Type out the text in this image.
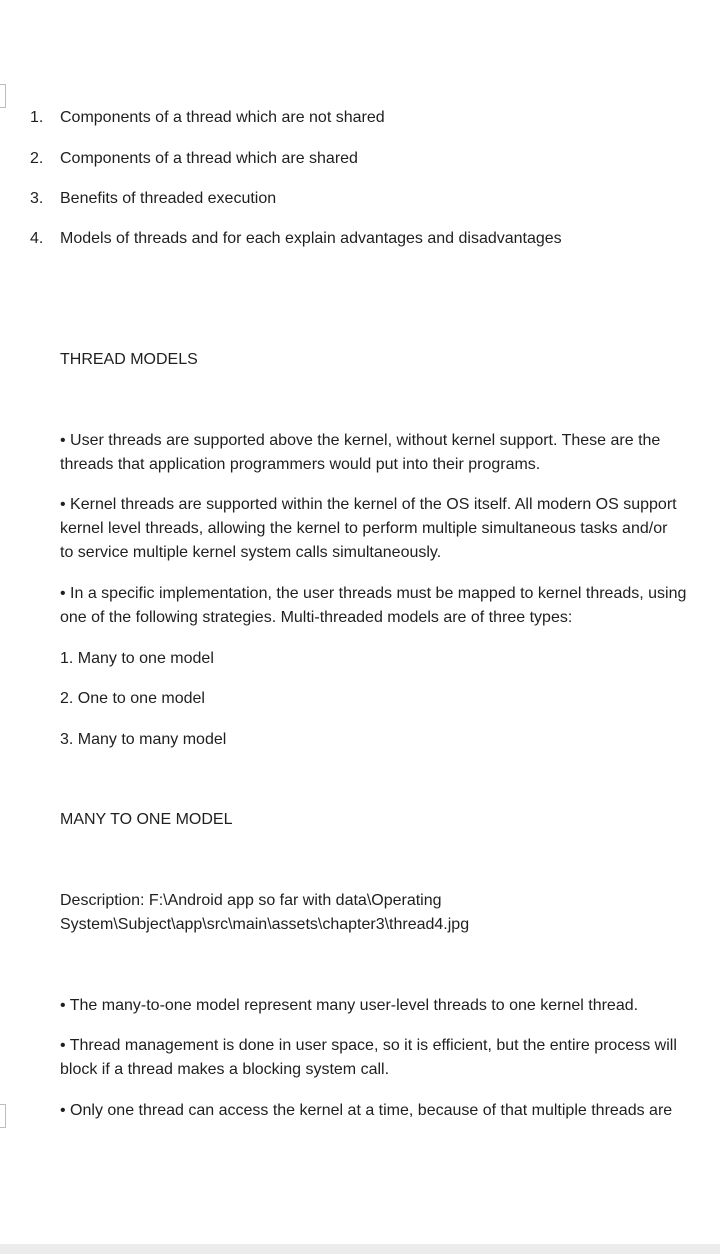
1.	Components of a thread which are not shared
2.	Components of a thread which are shared
3.	Benefits of threaded execution
4.	Models of threads and for each explain advantages and disadvantages
THREAD MODELS
• User threads are supported above the kernel, without kernel support. These are the
threads that application programmers would put into their programs.
• Kernel threads are supported within the kernel of the OS itself. All modern OS support
kernel level threads, allowing the kernel to perform multiple simultaneous tasks and/or
to service multiple kernel system calls simultaneously.
• In a specific implementation, the user threads must be mapped to kernel threads, using
one of the following strategies. Multi-threaded models are of three types:
1. Many to one model
2. One to one model
3. Many to many model
MANY TO ONE MODEL
Description: F:\Android app so far with data\Operating
System\Subject\app\src\main\assets\chapter3\thread4.jpg
• The many-to-one model represent many user-level threads to one kernel thread.
• Thread management is done in user space, so it is efficient, but the entire process will
block if a thread makes a blocking system call.
• Only one thread can access the kernel at a time, because of that multiple threads are
